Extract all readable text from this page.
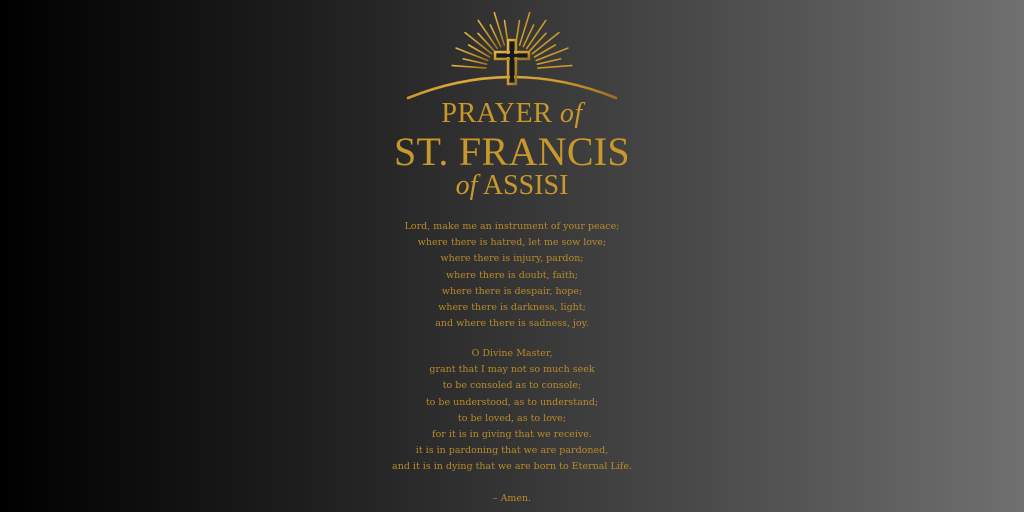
PRAYER of
ST. FRANCIS
of ASSISI
Lord, make me an instrument of your peace;
where there is hatred, let me sow love;
where there is injury, pardon;
where there is doubt, faith;
where there is despair, hope;
where there is darkness, light;
and where there is sadness, joy.
O Divine Master,
grant that I may not so much seek
to be consoled as to console;
to be understood, as to understand;
to be loved, as to love;
for it is in giving that we receive.
it is in pardoning that we are pardoned,
and it is in dying that we are born to Eternal Life.
– Amen.
